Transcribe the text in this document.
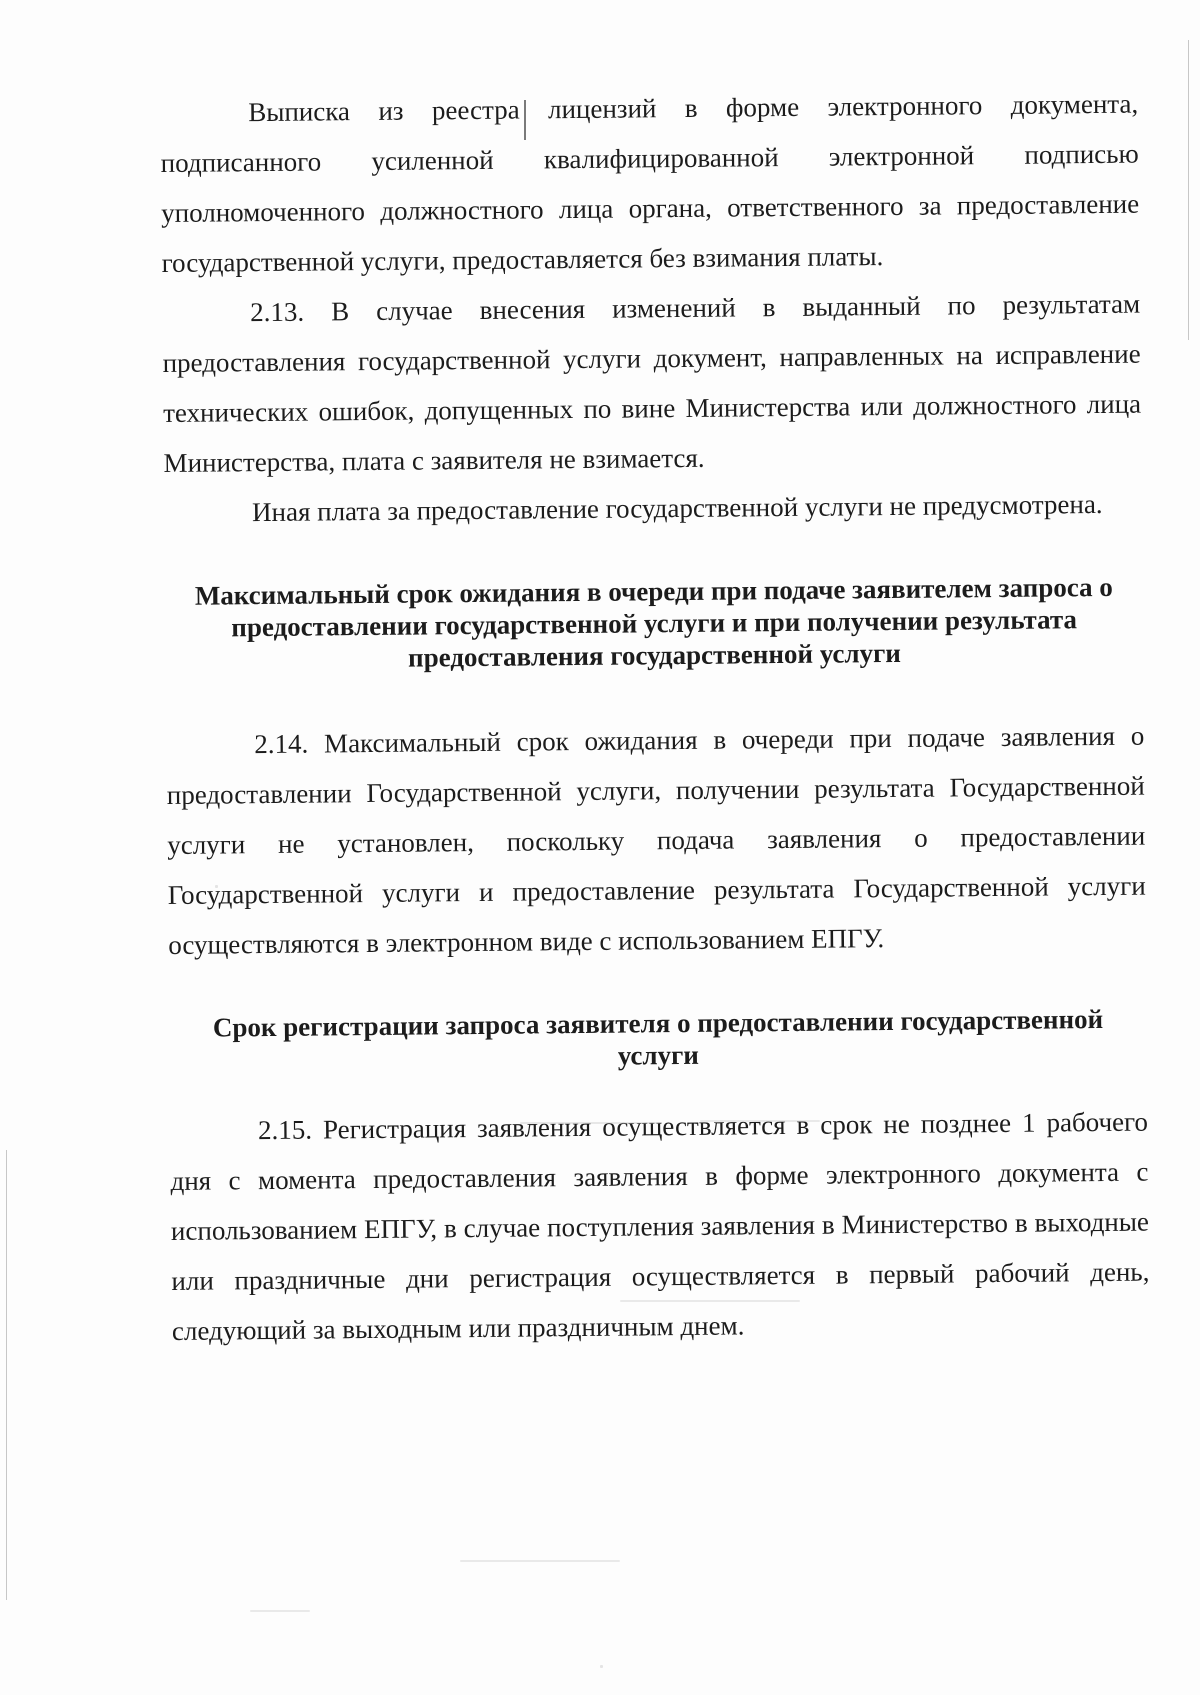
Выписка из реестра лицензий в форме электронного документа, подписанного усиленной квалифицированной электронной подписью уполномоченного должностного лица органа, ответственного за предоставление государственной услуги, предоставляется без взимания платы.

2.13. В случае внесения изменений в выданный по результатам предоставления государственной услуги документ, направленных на исправление технических ошибок, допущенных по вине Министерства или должностного лица Министерства, плата с заявителя не взимается.

Иная плата за предоставление государственной услуги не предусмотрена.

Максимальный срок ожидания в очереди при подаче заявителем запроса о предоставлении государственной услуги и при получении результата предоставления государственной услуги

2.14. Максимальный срок ожидания в очереди при подаче заявления о предоставлении Государственной услуги, получении результата Государственной услуги не установлен, поскольку подача заявления о предоставлении Государственной услуги и предоставление результата Государственной услуги осуществляются в электронном виде с использованием ЕПГУ.

Срок регистрации запроса заявителя о предоставлении государственной услуги

2.15. Регистрация заявления осуществляется в срок не позднее 1 рабочего дня с момента предоставления заявления в форме электронного документа с использованием ЕПГУ, в случае поступления заявления в Министерство в выходные или праздничные дни регистрация осуществляется в первый рабочий день, следующий за выходным или праздничным днем.
